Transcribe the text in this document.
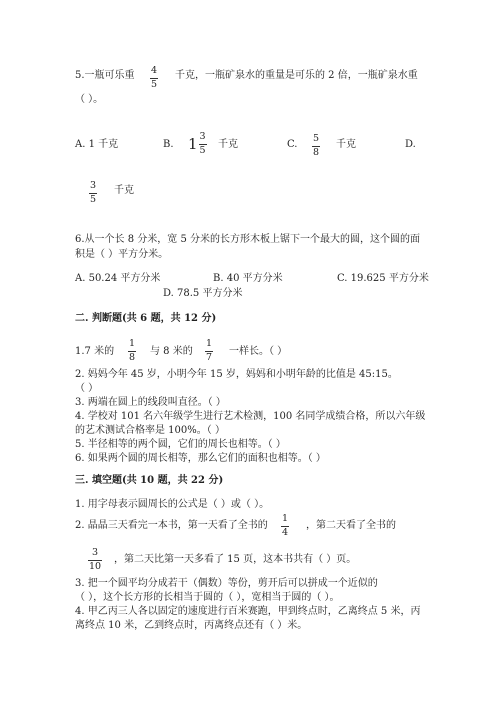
5.一瓶可乐重 4
5
千克，一瓶矿泉水的重量是可乐的 2 倍，一瓶矿泉水重
（ ）。
A. 1 千克	B. $1 \frac{3}{5}$ 千克	C.
5
8
千克	D.
3
5
千克
6.从一个长 8 分米，宽 5 分米的长方形木板上锯下一个最大的圆，这个圆的面
积是（ ）平方分米。
A. 50.24 平方分米	B. 40 平方分米	C. 19.625 平方分米
D. 78.5 平方分米
二. 判断题(共 6 题，共 12 分)
1.7 米的
1
8 与 8 米的
1
7 一样长。（ ）
2. 妈妈今年 45 岁，小明今年 15 岁，妈妈和小明年龄的比值是 45:15。
（ ）
3. 两端在圆上的线段叫直径。（ ）
4. 学校对 101 名六年级学生进行艺术检测，100 名同学成绩合格，所以六年级
的艺术测试合格率是 100%。（ ）
5. 半径相等的两个圆，它们的周长也相等。（ ）
6. 如果两个圆的周长相等，那么它们的面积也相等。（ ）
三. 填空题(共 10 题，共 22 分)
1. 用字母表示圆周长的公式是（ ）或（ ）。
2. 晶晶三天看完一本书，第一天看了全书的
1
4
，第二天看了全书的
3
10
，第二天比第一天多看了 15 页，这本书共有（ ）页。
3. 把一个圆平均分成若干（偶数）等份，剪开后可以拼成一个近似的
（ ），这个长方形的长相当于圆的（ ），宽相当于圆的（ ）。
4. 甲乙丙三人各以固定的速度进行百米赛跑，甲到终点时，乙离终点 5 米，丙
离终点 10 米，乙到终点时，丙离终点还有（ ）米。
